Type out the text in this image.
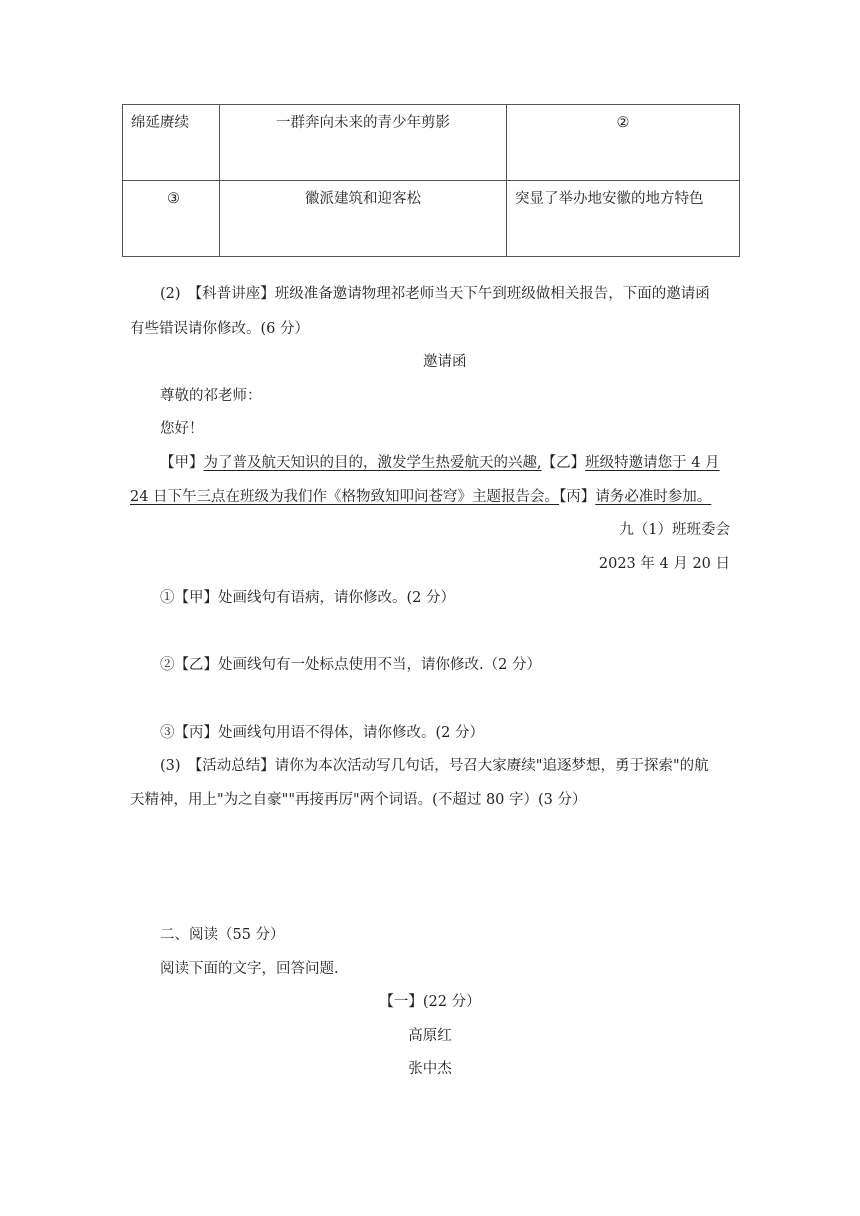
绵延赓续	一群奔向未来的青少年剪影	②
③	徽派建筑和迎客松	突显了举办地安徽的地方特色
(2)　【科普讲座】班级准备邀请物理祁老师当天下午到班级做相关报告，下面的邀请函
有些错误请你修改。(6 分）
邀请函
尊敬的祁老师：
您好！
【甲】为了普及航天知识的目的，激发学生热爱航天的兴趣,【乙】班级特邀请您于 4 月
24 日下午三点在班级为我们作《格物致知叩问苍穹》主题报告会。【丙】请务必准时参加。
九（1）班班委会
2023 年 4 月 20 日
①【甲】处画线句有语病，请你修改。(2 分）
②【乙】处画线句有一处标点使用不当，请你修改.（2 分）
③【丙】处画线句用语不得体，请你修改。(2 分）
(3)　【活动总结】请你为本次活动写几句话，号召大家赓续"追逐梦想，勇于探索"的航
天精神，用上"为之自豪""再接再厉"两个词语。(不超过 80 字）(3 分）
二、阅读（55 分）
阅读下面的文字，回答问题.
【一】(22 分）
高原红
张中杰
